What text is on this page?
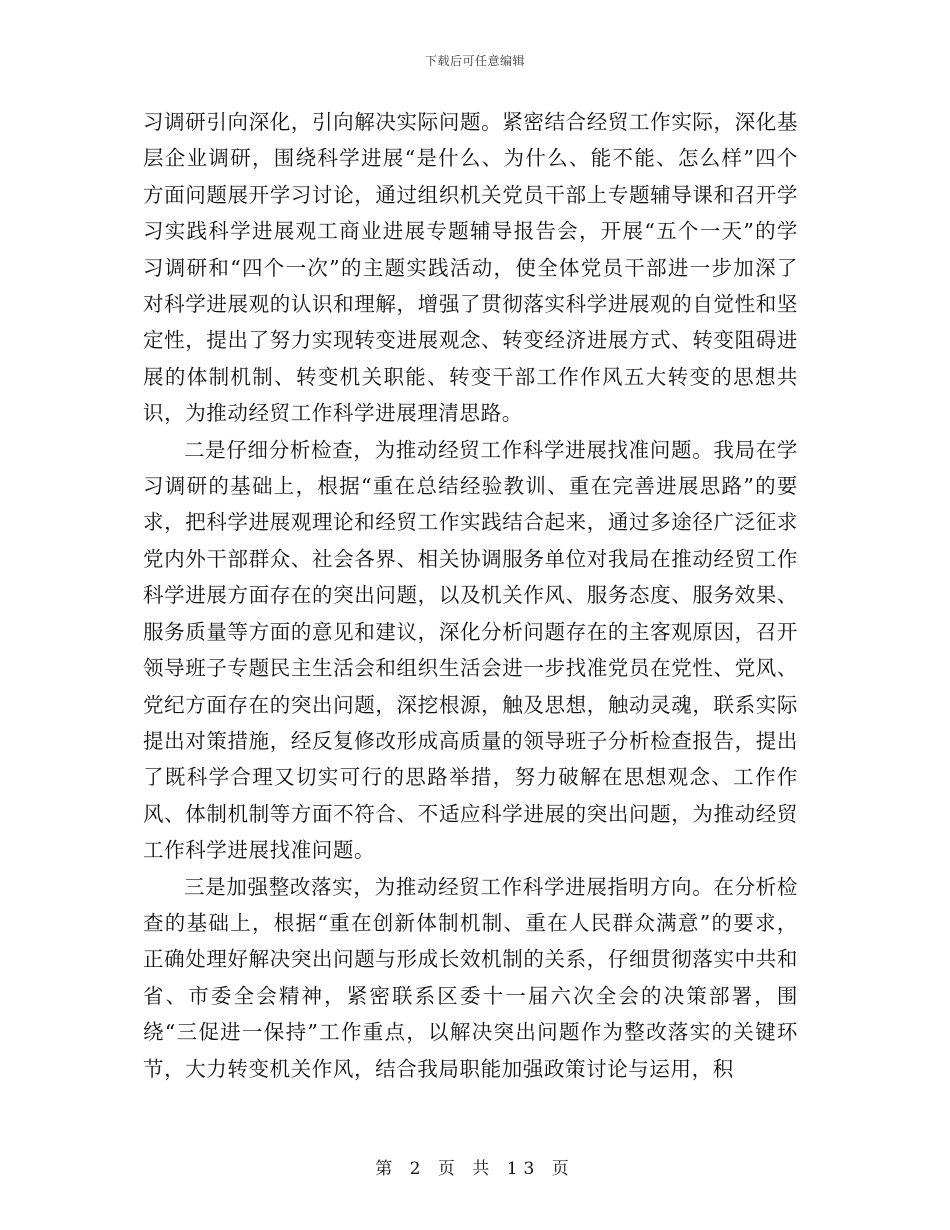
下载后可任意编辑

习调研引向深化，引向解决实际问题。紧密结合经贸工作实际，深化基层企业调研，围绕科学进展“是什么、为什么、能不能、怎么样”四个方面问题展开学习讨论，通过组织机关党员干部上专题辅导课和召开学习实践科学进展观工商业进展专题辅导报告会，开展“五个一天”的学习调研和“四个一次”的主题实践活动，使全体党员干部进一步加深了对科学进展观的认识和理解，增强了贯彻落实科学进展观的自觉性和坚定性，提出了努力实现转变进展观念、转变经济进展方式、转变阻碍进展的体制机制、转变机关职能、转变干部工作作风五大转变的思想共识，为推动经贸工作科学进展理清思路。

二是仔细分析检查，为推动经贸工作科学进展找准问题。我局在学习调研的基础上，根据“重在总结经验教训、重在完善进展思路”的要求，把科学进展观理论和经贸工作实践结合起来，通过多途径广泛征求党内外干部群众、社会各界、相关协调服务单位对我局在推动经贸工作科学进展方面存在的突出问题，以及机关作风、服务态度、服务效果、服务质量等方面的意见和建议，深化分析问题存在的主客观原因，召开领导班子专题民主生活会和组织生活会进一步找准党员在党性、党风、党纪方面存在的突出问题，深挖根源，触及思想，触动灵魂，联系实际提出对策措施，经反复修改形成高质量的领导班子分析检查报告，提出了既科学合理又切实可行的思路举措，努力破解在思想观念、工作作风、体制机制等方面不符合、不适应科学进展的突出问题，为推动经贸工作科学进展找准问题。

三是加强整改落实，为推动经贸工作科学进展指明方向。在分析检查的基础上，根据“重在创新体制机制、重在人民群众满意”的要求，正确处理好解决突出问题与形成长效机制的关系，仔细贯彻落实中共和省、市委全会精神，紧密联系区委十一届六次全会的决策部署，围绕“三促进一保持”工作重点，以解决突出问题作为整改落实的关键环节，大力转变机关作风，结合我局职能加强政策讨论与运用，积

第 2 页 共 13 页
